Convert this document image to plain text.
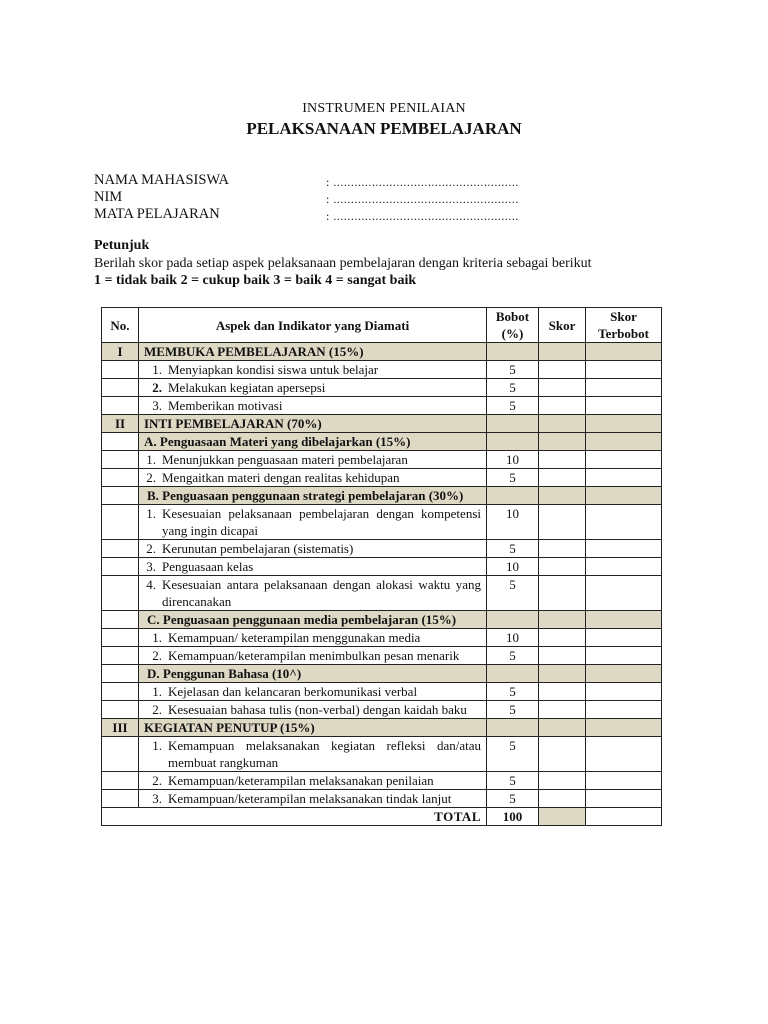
INSTRUMEN PENILAIAN
PELAKSANAAN PEMBELAJARAN
NAMA MAHASISWA	: .....................................................
NIM	: .....................................................
MATA PELAJARAN	: .....................................................
Petunjuk
Berilah skor pada setiap aspek pelaksanaan pembelajaran dengan kriteria sebagai berikut
1 = tidak baik 2 = cukup baik 3 = baik 4 = sangat baik
No.	Aspek dan Indikator yang Diamati	Bobot (%)	Skor	Skor Terbobot
I	MEMBUKA PEMBELAJARAN (15%)			

	1. Menyiapkan kondisi siswa untuk belajar	5		

	2. Melakukan kegiatan apersepsi	5		

	3. Memberikan motivasi	5		
II	INTI PEMBELAJARAN (70%)			
	A. Penguasaan Materi yang dibelajarkan (15%)			

	1. Menunjukkan penguasaan materi pembelajaran	10		

	2. Mengaitkan materi dengan realitas kehidupan	5		

	B. Penguasaan penggunaan strategi pembelajaran (30%)			

	1. Kesesuaian pelaksanaan pembelajaran dengan kompetensi yang ingin dicapai	10		

	2. Kerunutan pembelajaran (sistematis)	5		

	3. Penguasaan kelas	10		

	4. Kesesuaian antara pelaksanaan dengan alokasi waktu yang direncanakan	5		

	C. Penguasaan penggunaan media pembelajaran (15%)			

	1. Kemampuan/ keterampilan menggunakan media	10		

	2. Kemampuan/keterampilan menimbulkan pesan menarik	5		
	D. Penggunan Bahasa (10^)			

	1. Kejelasan dan kelancaran berkomunikasi verbal	5		

	2. Kesesuaian bahasa tulis (non-verbal) dengan kaidah baku	5		
III	KEGIATAN PENUTUP (15%)			

	1. Kemampuan melaksanakan kegiatan refleksi dan/atau membuat rangkuman	5		

	2. Kemampuan/keterampilan melaksanakan penilaian	5		

	3. Kemampuan/keterampilan melaksanakan tindak lanjut	5		
TOTAL		100		
